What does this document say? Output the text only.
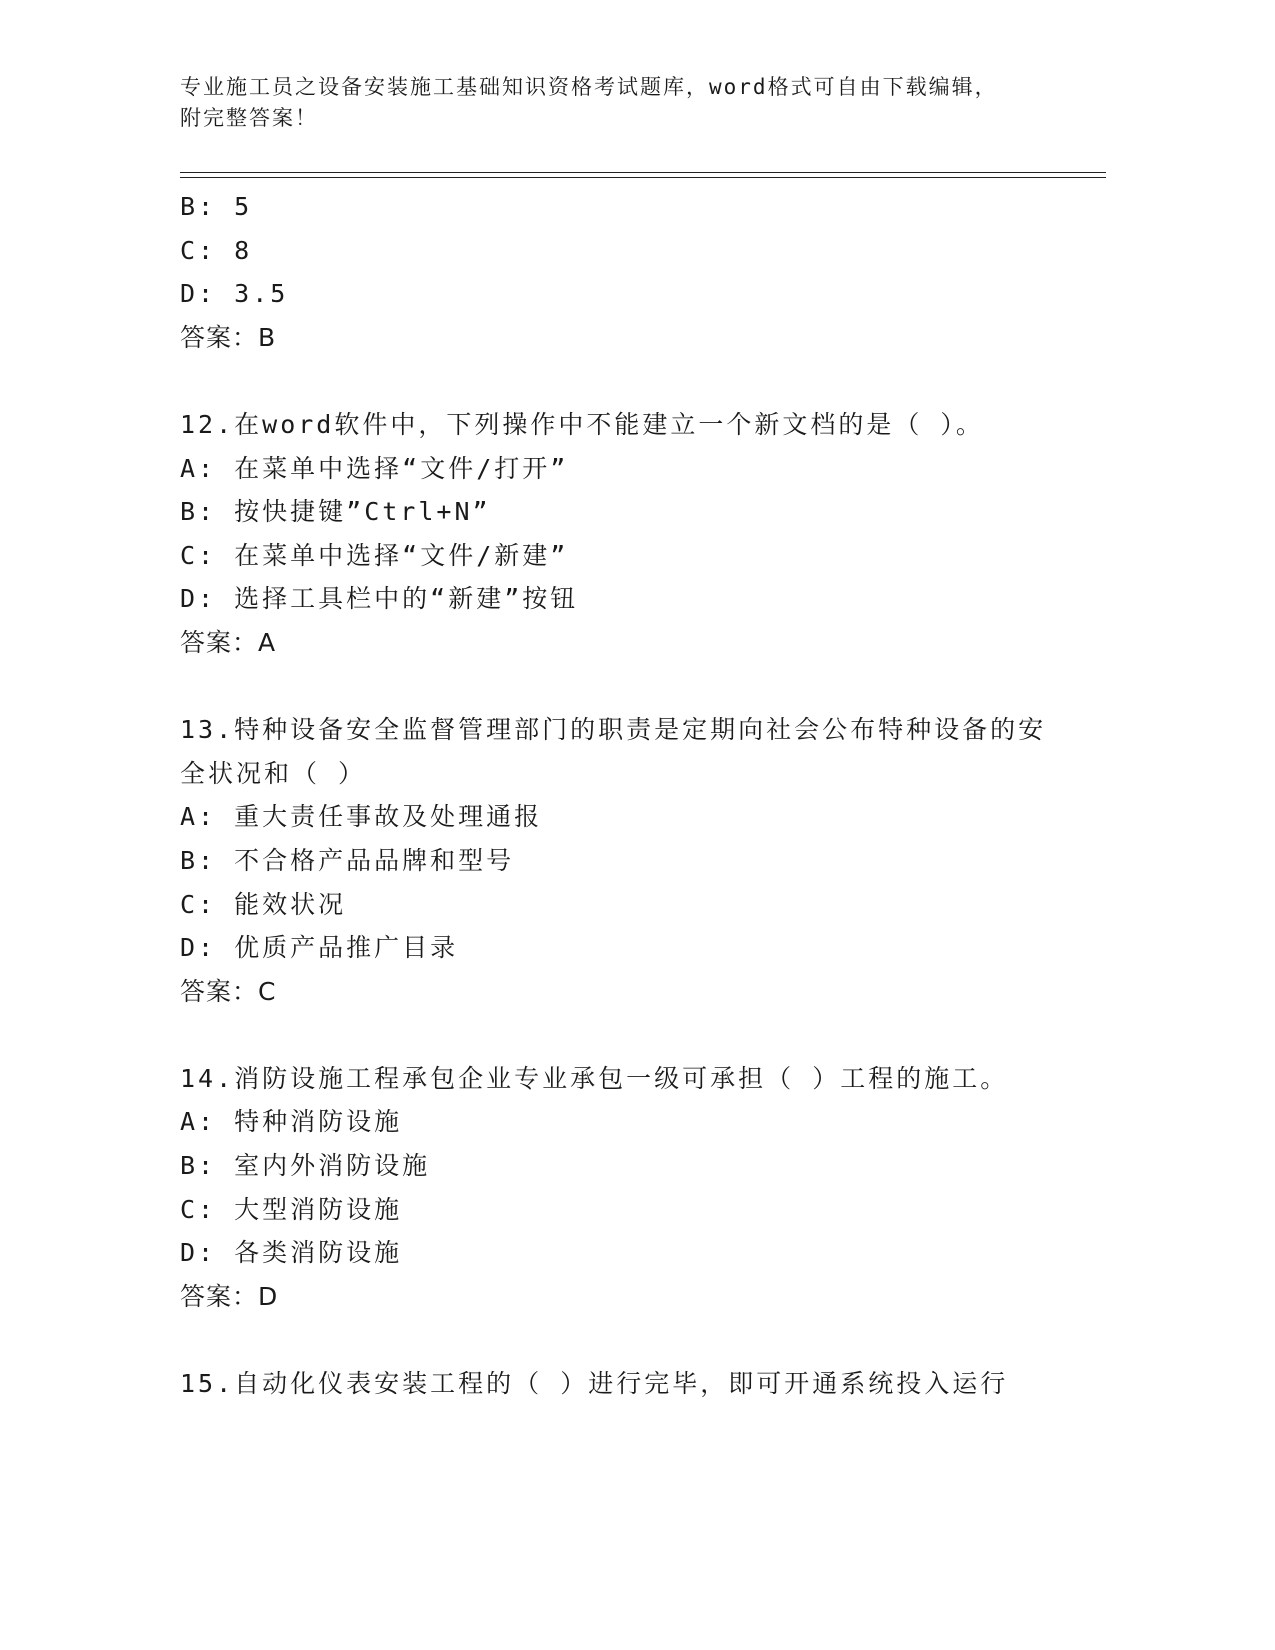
专业施工员之设备安装施工基础知识资格考试题库，word格式可自由下载编辑，
附完整答案！
B: 5
C: 8
D: 3.5
答案：B
12.在word软件中，下列操作中不能建立一个新文档的是（ ）。
A: 在菜单中选择“文件/打开”
B: 按快捷键”Ctrl+N”
C: 在菜单中选择“文件/新建”
D: 选择工具栏中的“新建”按钮
答案：A
13.特种设备安全监督管理部门的职责是定期向社会公布特种设备的安全状况和（ ）
A: 重大责任事故及处理通报
B: 不合格产品品牌和型号
C: 能效状况
D: 优质产品推广目录
答案：C
14.消防设施工程承包企业专业承包一级可承担（ ）工程的施工。
A: 特种消防设施
B: 室内外消防设施
C: 大型消防设施
D: 各类消防设施
答案：D
15.自动化仪表安装工程的（ ）进行完毕，即可开通系统投入运行
